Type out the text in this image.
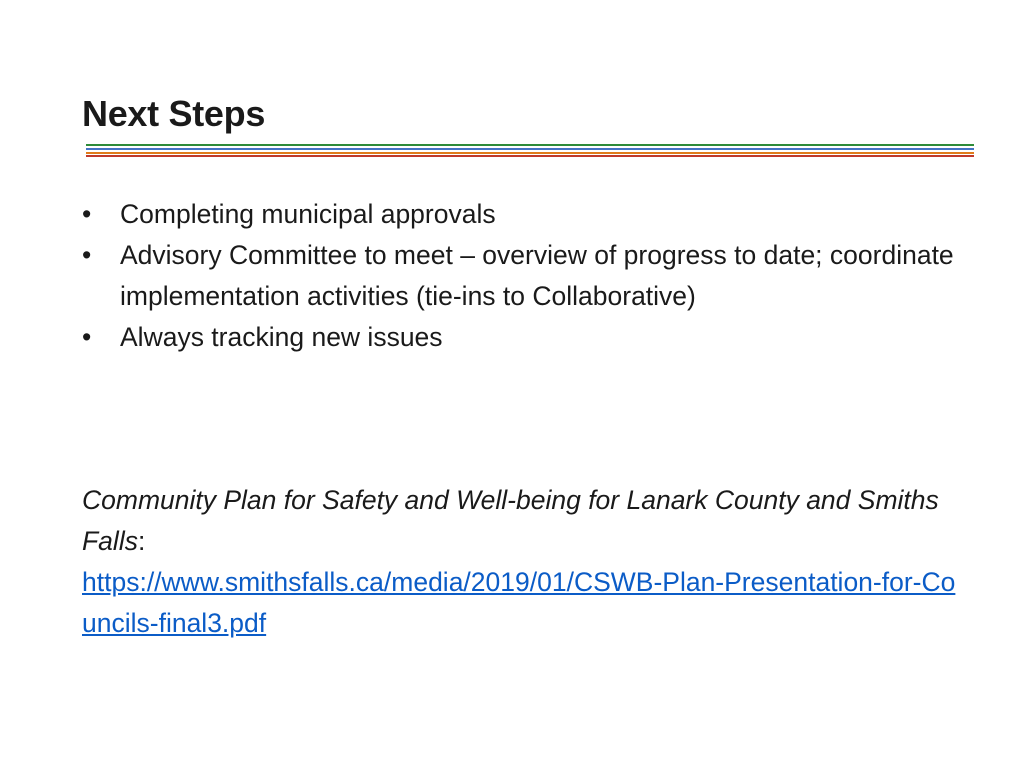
Next Steps
•	Completing municipal approvals
•	Advisory Committee to meet – overview of progress to date; coordinate implementation activities (tie-ins to Collaborative)
•	Always tracking new issues

Community Plan for Safety and Well-being for Lanark County and Smiths Falls:
https://www.smithsfalls.ca/media/2019/01/CSWB-Plan-Presentation-for-Councils-final3.pdf
